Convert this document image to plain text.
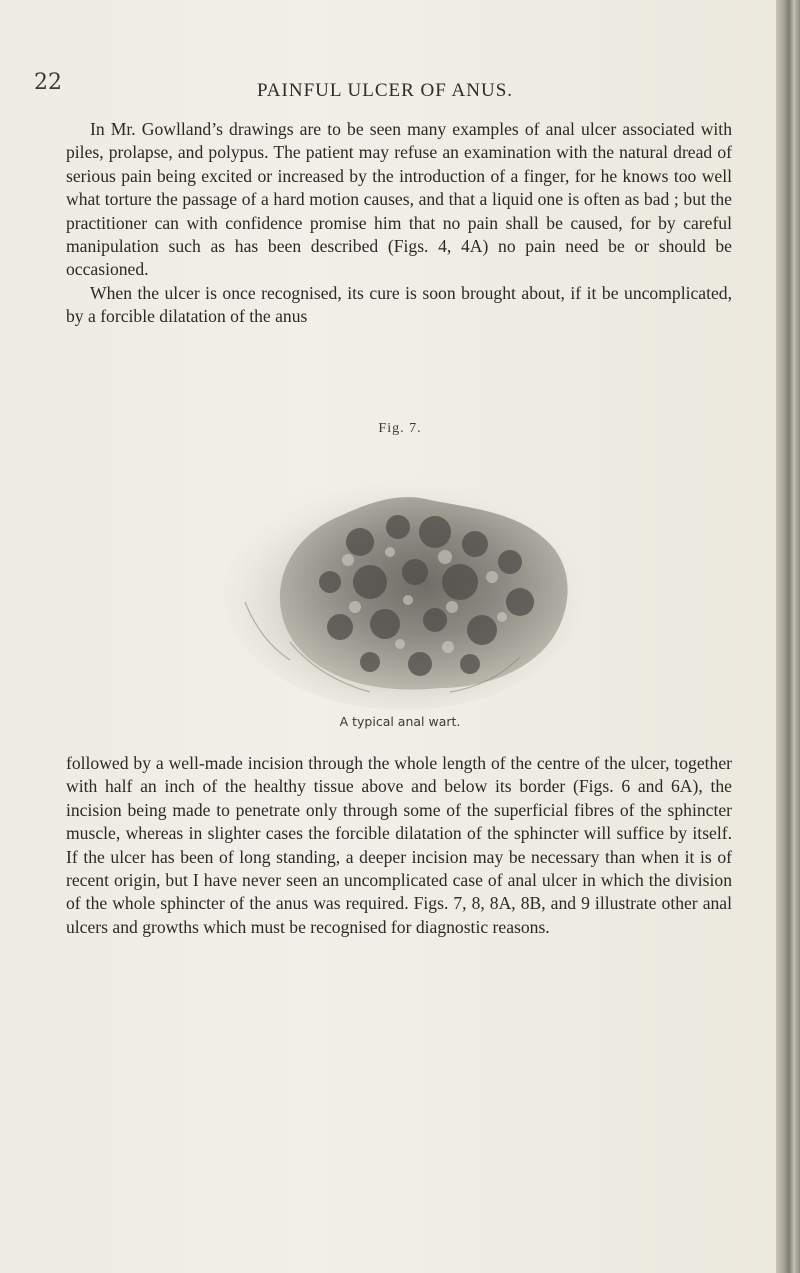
22	PAINFUL ULCER OF ANUS.

In Mr. Gowlland’s drawings are to be seen many examples of anal ulcer associated with piles, prolapse, and polypus. The patient may refuse an examination with the natural dread of serious pain being excited or increased by the introduction of a finger, for he knows too well what torture the passage of a hard motion causes, and that a liquid one is often as bad ; but the practitioner can with confidence promise him that no pain shall be caused, for by careful manipulation such as has been described (Figs. 4, 4A) no pain need be or should be occasioned.
When the ulcer is once recognised, its cure is soon brought about, if it be uncomplicated, by a forcible dilatation of the anus

Fig. 7.
A typical anal wart.

followed by a well-made incision through the whole length of the centre of the ulcer, together with half an inch of the healthy tissue above and below its border (Figs. 6 and 6A), the incision being made to penetrate only through some of the superficial fibres of the sphincter muscle, whereas in slighter cases the forcible dilatation of the sphincter will suffice by itself. If the ulcer has been of long standing, a deeper incision may be necessary than when it is of recent origin, but I have never seen an uncomplicated case of anal ulcer in which the division of the whole sphincter of the anus was required. Figs. 7, 8, 8A, 8B, and 9 illustrate other anal ulcers and growths which must be recognised for diagnostic reasons.
